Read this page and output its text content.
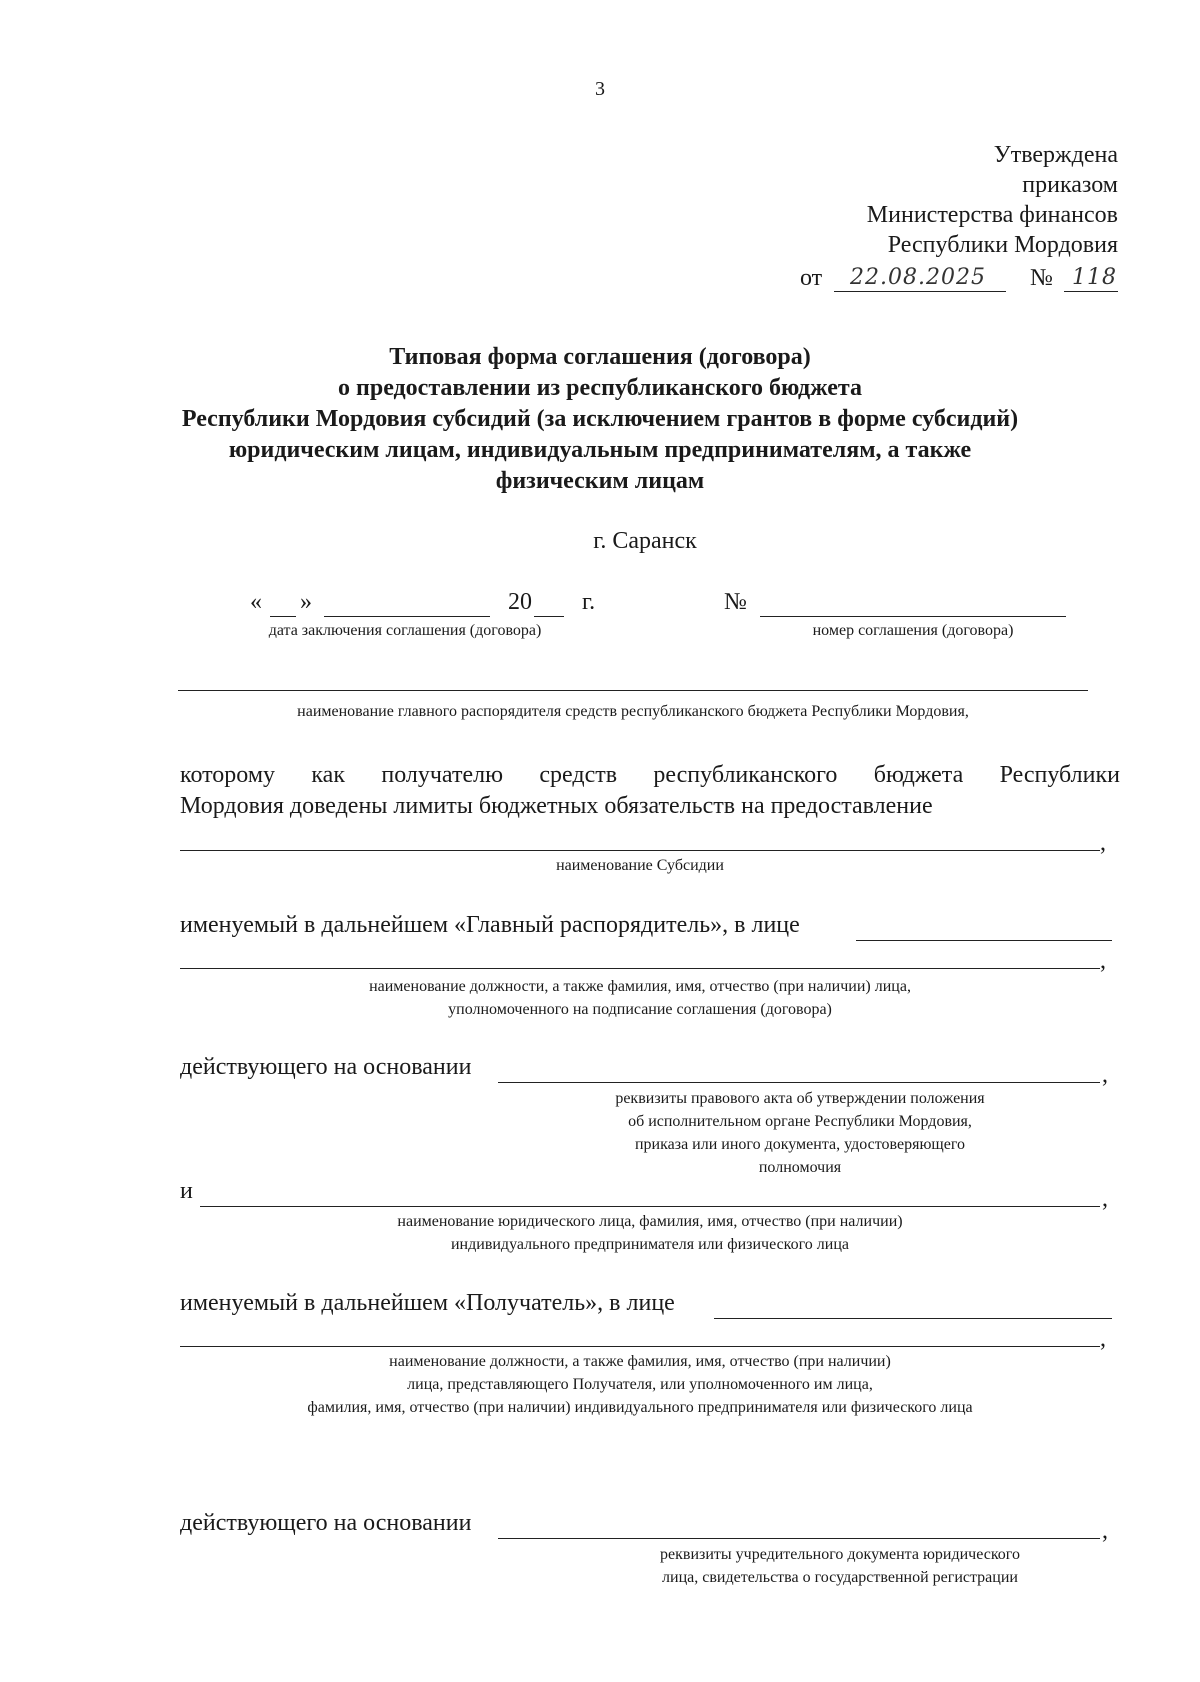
3
Утверждена
приказом
Министерства финансов
Республики Мордовия
от 22.08.2025 № 118
Типовая форма соглашения (договора)
о предоставлении из республиканского бюджета
Республики Мордовия субсидий (за исключением грантов в форме субсидий)
юридическим лицам, индивидуальным предпринимателям, а также
физическим лицам
г. Саранск
« »	20 г.
дата заключения соглашения (договора)
№
номер соглашения (договора)
наименование главного распорядителя средств республиканского бюджета Республики Мордовия,
которому как получателю средств республиканского бюджета Республики
Мордовия доведены лимиты бюджетных обязательств на предоставление
,
наименование Субсидии
именуемый в дальнейшем «Главный распорядитель», в лице
,
наименование должности, а также фамилия, имя, отчество (при наличии) лица,
уполномоченного на подписание соглашения (договора)
действующего на основании	,
реквизиты правового акта об утверждении положения
об исполнительном органе Республики Мордовия,
приказа или иного документа, удостоверяющего
полномочия
и	,
наименование юридического лица, фамилия, имя, отчество (при наличии)
индивидуального предпринимателя или физического лица
именуемый в дальнейшем «Получатель», в лице
,
наименование должности, а также фамилия, имя, отчество (при наличии)
лица, представляющего Получателя, или уполномоченного им лица,
фамилия, имя, отчество (при наличии) индивидуального предпринимателя или физического лица
действующего на основании	,
реквизиты учредительного документа юридического
лица, свидетельства о государственной регистрации
